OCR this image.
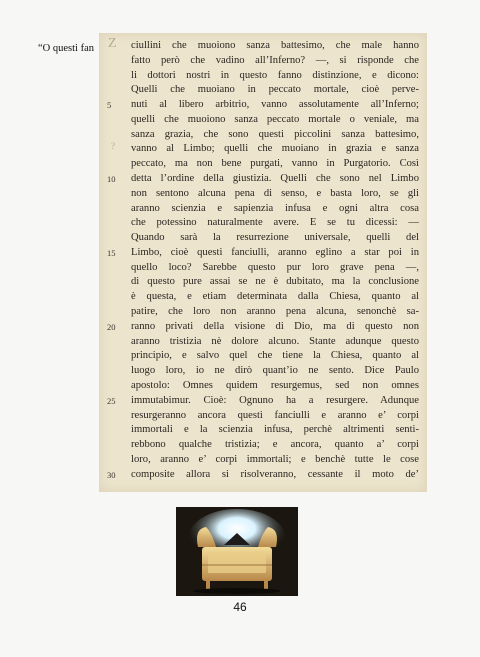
“O questi fan	ciullini che muoiono sanza battesimo, che male hanno
fatto però che vadino all’Inferno? —, si risponde che
li dottori nostri in questo fanno distinzione, e dicono:
Quelli che muoiano in peccato mortale, cioè perve-
nuti al libero arbitrio, vanno assolutamente all’Inferno;
quelli che muoiono sanza peccato mortale o veniale, ma
sanza grazia, che sono questi piccolini sanza battesimo,
vanno al Limbo; quelli che muoiano in grazia e sanza
peccato, ma non bene purgati, vanno in Purgatorio. Così
detta l’ordine della giustizia. Quelli che sono nel Limbo
non sentono alcuna pena di senso, e basta loro, se gli
aranno scienzia e sapienzia infusa e ogni altra cosa
che potessino naturalmente avere. E se tu dicessi: —
Quando sarà la resurrezione universale, quelli del
Limbo, cioè questi fanciulli, aranno eglino a star poi in
quello loco? Sarebbe questo pur loro grave pena —,
di questo pure assai se ne è dubitato, ma la conclusione
è questa, e etiam determinata dalla Chiesa, quanto al
patire, che loro non aranno pena alcuna, senonchè sa-
ranno privati della visione di Dio, ma di questo non
aranno tristizia nè dolore alcuno. Stante adunque questo
principio, e salvo quel che tiene la Chiesa, quanto al
luogo loro, io ne dirò quant’io ne sento. Dice Paulo
apostolo: Omnes quidem resurgemus, sed non omnes
immutabimur. Cioè: Ognuno ha a resurgere. Adunque
resurgeranno ancora questi fanciulli e aranno e’ corpi
immortali e la scienzia infusa, perchè altrimenti senti-
rebbono qualche tristizia; e ancora, quanto a’ corpi
loro, aranno e’ corpi immortali; e benchè tutte le cose
composite allora si risolveranno, cessante il moto de’
5
10
15
20
25
30
Z
?
46
